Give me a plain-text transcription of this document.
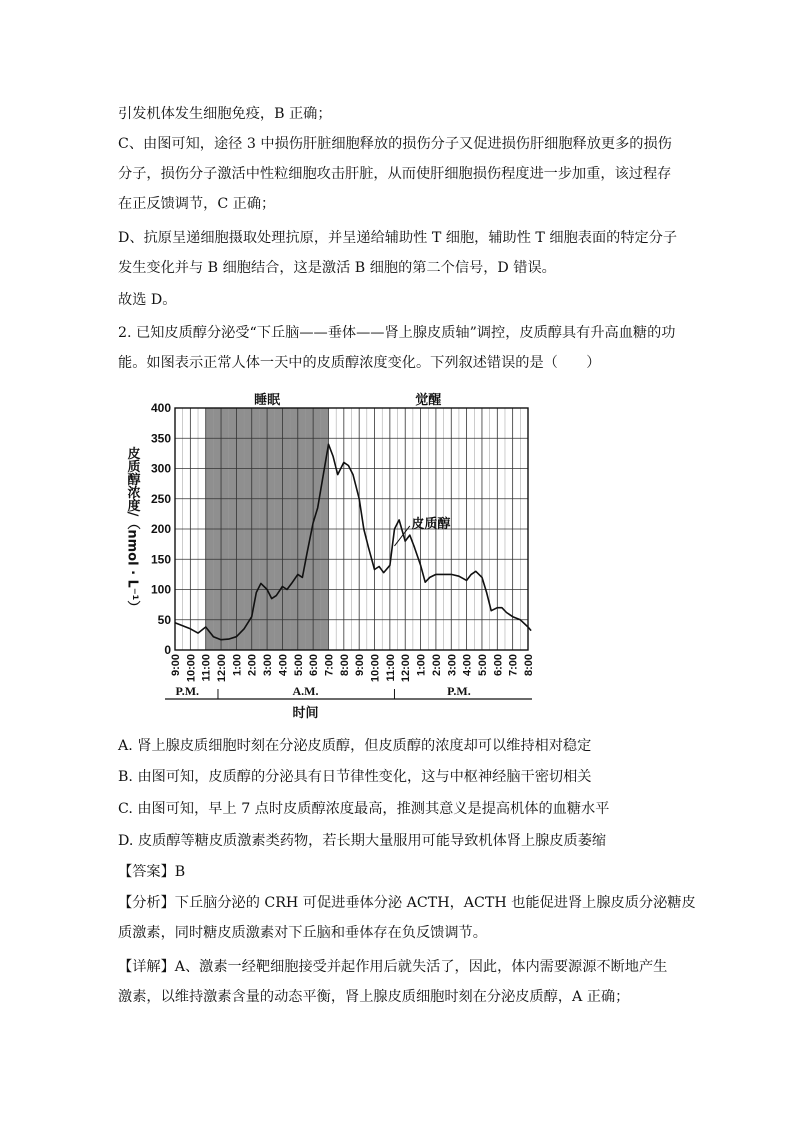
引发机体发生细胞免疫，B 正确；
C、由图可知，途径 3 中损伤肝脏细胞释放的损伤分子又促进损伤肝细胞释放更多的损伤
分子，损伤分子激活中性粒细胞攻击肝脏，从而使肝细胞损伤程度进一步加重，该过程存
在正反馈调节，C 正确；
D、抗原呈递细胞摄取处理抗原，并呈递给辅助性 T 细胞，辅助性 T 细胞表面的特定分子
发生变化并与 B 细胞结合，这是激活 B 细胞的第二个信号，D 错误。
故选 D。
2. 已知皮质醇分泌受“下丘脑——垂体——肾上腺皮质轴”调控，皮质醇具有升高血糖的功
能。如图表示正常人体一天中的皮质醇浓度变化。下列叙述错误的是（　　）
0
50
100
150
200
250
300
350
400
9:00 10:00 11:00 12:00 1:00 2:00 3:00 4:00 5:00 6:00 7:00 8:00 9:00 10:00 11:00 12:00 1:00 2:00 3:00 4:00 5:00 6:00 7:00 8:00
皮质醇浓度/（nmol · L⁻¹）
睡眠	觉醒
皮质醇
P.M.	A.M.	P.M.
时间
A. 肾上腺皮质细胞时刻在分泌皮质醇，但皮质醇的浓度却可以维持相对稳定
B. 由图可知，皮质醇的分泌具有日节律性变化，这与中枢神经脑干密切相关
C. 由图可知，早上 7 点时皮质醇浓度最高，推测其意义是提高机体的血糖水平
D. 皮质醇等糖皮质激素类药物，若长期大量服用可能导致机体肾上腺皮质萎缩
【答案】B
【分析】下丘脑分泌的 CRH 可促进垂体分泌 ACTH，ACTH 也能促进肾上腺皮质分泌糖皮
质激素，同时糖皮质激素对下丘脑和垂体存在负反馈调节。
【详解】A、激素一经靶细胞接受并起作用后就失活了，因此，体内需要源源不断地产生
激素，以维持激素含量的动态平衡，肾上腺皮质细胞时刻在分泌皮质醇，A 正确；
